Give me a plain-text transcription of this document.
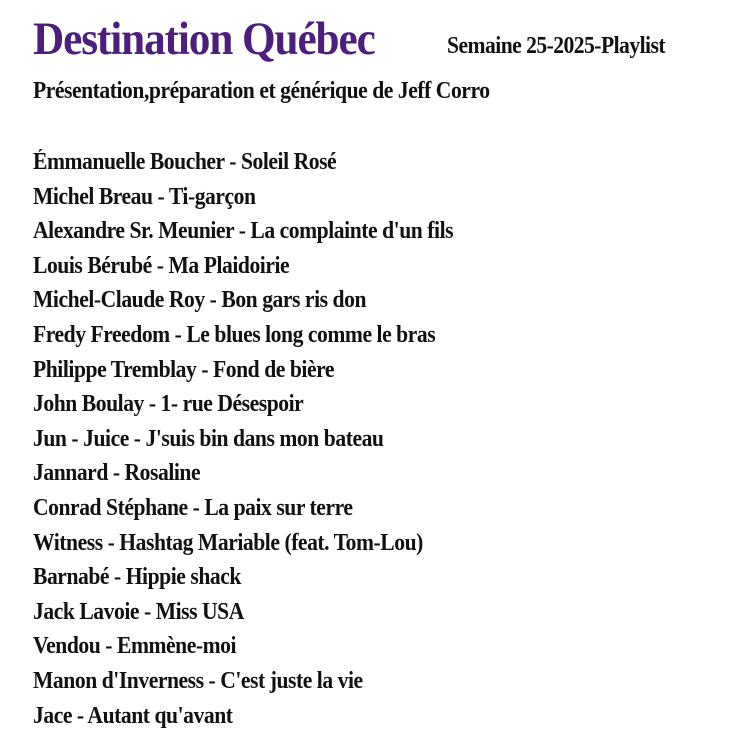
Destination Québec	Semaine 25-2025-Playlist
Présentation,préparation et générique de Jeff Corro
Émmanuelle Boucher - Soleil Rosé
Michel Breau - Ti-garçon
Alexandre Sr. Meunier - La complainte d'un fils
Louis Bérubé - Ma Plaidoirie
Michel-Claude Roy - Bon gars ris don
Fredy Freedom - Le blues long comme le bras
Philippe Tremblay - Fond de bière
John Boulay - 1- rue Désespoir
Jun - Juice - J'suis bin dans mon bateau
Jannard - Rosaline
Conrad Stéphane - La paix sur terre
Witness - Hashtag Mariable (feat. Tom-Lou)
Barnabé - Hippie shack
Jack Lavoie - Miss USA
Vendou - Emmène-moi
Manon d'Inverness - C'est juste la vie
Jace - Autant qu'avant
